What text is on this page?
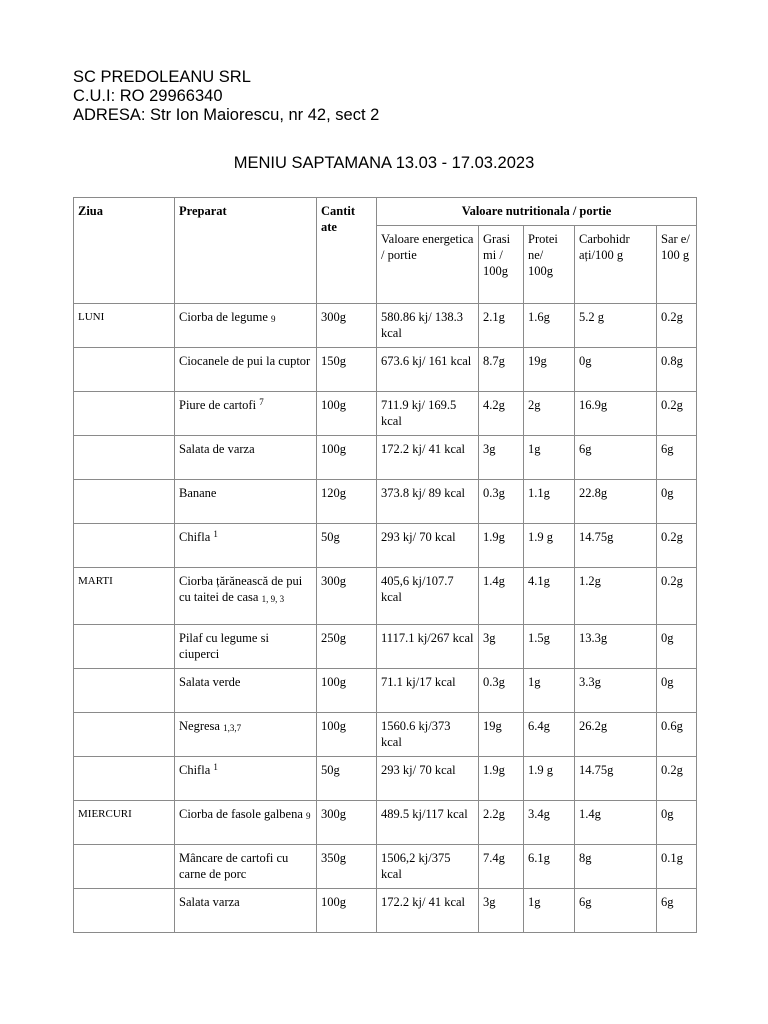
SC PREDOLEANU SRL
C.U.I: RO 29966340
ADRESA: Str Ion Maiorescu, nr 42, sect 2
MENIU SAPTAMANA 13.03 - 17.03.2023
Ziua	Preparat	Cantit ate	Valoare nutritionala / portie				
			Valoare energetica / portie	Grasi mi / 100g	Protei ne/ 100g	Carbohidr ați/100 g	Sar e/ 100 g
LUNI	Ciorba de legume 9	300g	580.86 kj/ 138.3 kcal	2.1g	1.6g	5.2 g	0.2g
	Ciocanele de pui la cuptor	150g	673.6 kj/ 161 kcal	8.7g	19g	0g	0.8g
	Piure de cartofi $^7$	100g	711.9 kj/ 169.5 kcal	4.2g	2g	16.9g	0.2g
	Salata de varza	100g	172.2 kj/ 41 kcal	3g	1g	6g	6g
	Banane	120g	373.8 kj/ 89 kcal	0.3g	1.1g	22.8g	0g
	Chifla $^1$	50g	293 kj/ 70 kcal	1.9g	1.9 g	14.75g	0.2g
MARTI	Ciorba țărănească de pui cu taitei de casa 1, 9, 3	300g	405,6 kj/107.7 kcal	1.4g	4.1g	1.2g	0.2g
	Pilaf cu legume si ciuperci	250g	1117.1 kj/267 kcal	3g	1.5g	13.3g	0g
	Salata verde	100g	71.1 kj/17 kcal	0.3g	1g	3.3g	0g
	Negresa 1,3,7	100g	1560.6 kj/373 kcal	19g	6.4g	26.2g	0.6g
	Chifla $^1$	50g	293 kj/ 70 kcal	1.9g	1.9 g	14.75g	0.2g
MIERCURI	Ciorba de fasole galbena 9	300g	489.5 kj/117 kcal	2.2g	3.4g	1.4g	0g
	Mâncare de cartofi cu carne de porc	350g	1506,2 kj/375 kcal	7.4g	6.1g	8g	0.1g
	Salata varza	100g	172.2 kj/ 41 kcal	3g	1g	6g	6g
